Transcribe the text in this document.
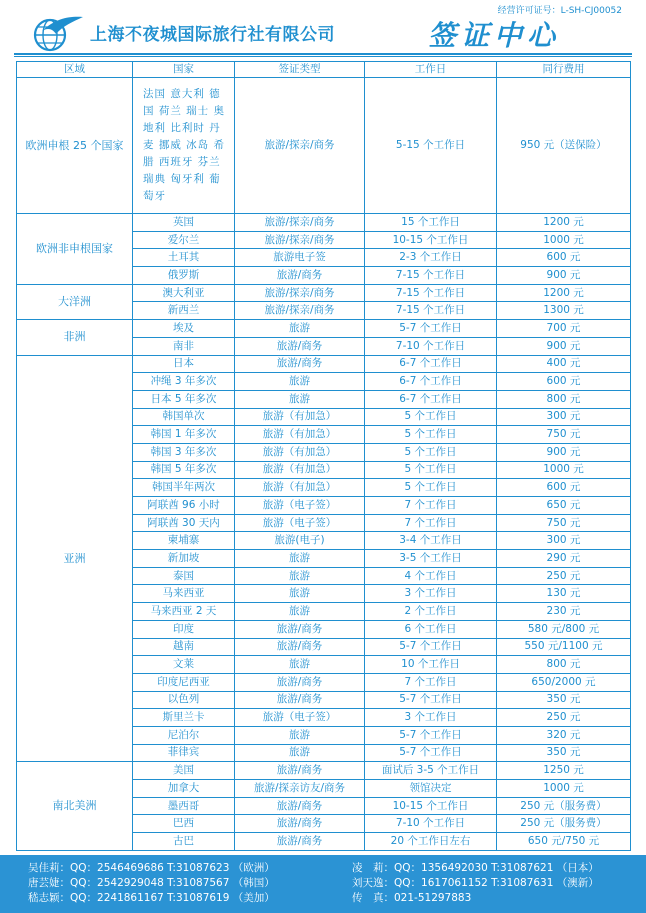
上海不夜城国际旅行社有限公司
经营许可证号：L-SH-CJ00052
签证中心
区域	国家	签证类型	工作日	同行费用
欧洲申根 25 个国家	法国 意大利 德国 荷兰 瑞士 奥地利 比利时 丹麦 挪威 冰岛 希腊 西班牙 芬兰 瑞典 匈牙利 葡萄牙	旅游/探亲/商务	5-15 个工作日	950 元（送保险）
欧洲非申根国家	英国	旅游/探亲/商务	15 个工作日	1200 元
	爱尔兰	旅游/探亲/商务	10-15 个工作日	1000 元
	土耳其	旅游电子签	2-3 个工作日	600 元
	俄罗斯	旅游/商务	7-15 个工作日	900 元
大洋洲	澳大利亚	旅游/探亲/商务	7-15 个工作日	1200 元
	新西兰	旅游/探亲/商务	7-15 个工作日	1300 元
非洲	埃及	旅游	5-7 个工作日	700 元
	南非	旅游/商务	7-10 个工作日	900 元
亚洲	日本	旅游/商务	6-7 个工作日	400 元
	冲绳 3 年多次	旅游	6-7 个工作日	600 元
	日本 5 年多次	旅游	6-7 个工作日	800 元
	韩国单次	旅游（有加急）	5 个工作日	300 元
	韩国 1 年多次	旅游（有加急）	5 个工作日	750 元
	韩国 3 年多次	旅游（有加急）	5 个工作日	900 元
	韩国 5 年多次	旅游（有加急）	5 个工作日	1000 元
	韩国半年两次	旅游（有加急）	5 个工作日	600 元
	阿联酋 96 小时	旅游（电子签）	7 个工作日	650 元
	阿联酋 30 天内	旅游（电子签）	7 个工作日	750 元
	柬埔寨	旅游(电子)	3-4 个工作日	300 元
	新加坡	旅游	3-5 个工作日	290 元
	泰国	旅游	4 个工作日	250 元
	马来西亚	旅游	3 个工作日	130 元
	马来西亚 2 天	旅游	2 个工作日	230 元
	印度	旅游/商务	6 个工作日	580 元/800 元
	越南	旅游/商务	5-7 个工作日	550 元/1100 元
	文莱	旅游	10 个工作日	800 元
	印度尼西亚	旅游/商务	7 个工作日	650/2000 元
	以色列	旅游/商务	5-7 个工作日	350 元
	斯里兰卡	旅游（电子签）	3 个工作日	250 元
	尼泊尔	旅游	5-7 个工作日	320 元
	菲律宾	旅游	5-7 个工作日	350 元
南北美洲	美国	旅游/商务	面试后 3-5 个工作日	1250 元
	加拿大	旅游/探亲访友/商务	领馆决定	1000 元
	墨西哥	旅游/商务	10-15 个工作日	250 元（服务费）
	巴西	旅游/商务	7-10 个工作日	250 元（服务费）
	古巴	旅游/商务	20 个工作日左右	650 元/750 元
吴佳莉：QQ：2546469686 T:31087623 （欧洲）
唐芸婕：QQ：2542929048 T:31087567 （韩国）
嵇志颖：QQ：2241861167 T:31087619 （美加）
凌　莉：QQ：1356492030 T:31087621 （日本）
刘天逸：QQ：1617061152 T:31087631 （澳新）
传　真：021-51297883
